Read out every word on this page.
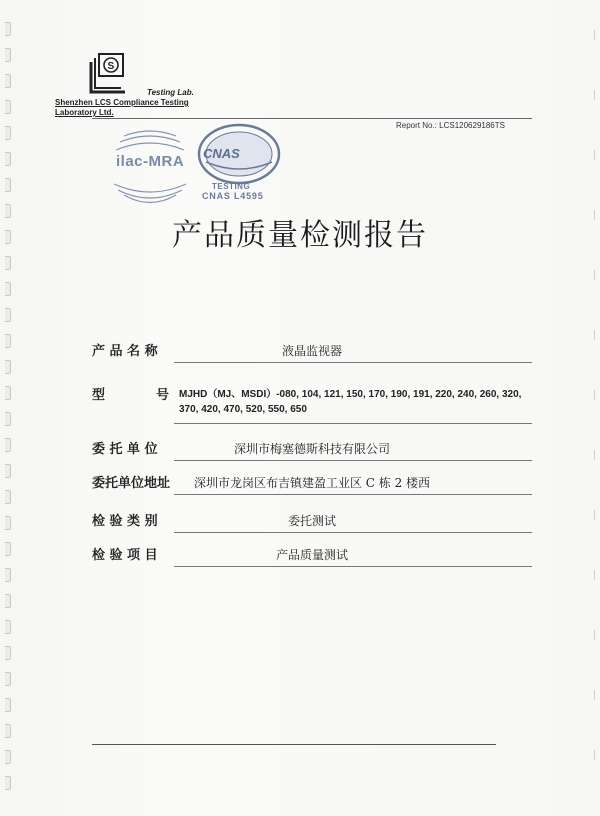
S
Testing Lab.
Shenzhen LCS Compliance Testing
Laboratory Ltd.
Report No.: LCS120629186TS
ilac-MRA CNAS
TESTING
CNAS L4595
产品质量检测报告
产 品 名 称	液晶监视器
型	号 MJHD（MJ、MSDI）-080, 104, 121, 150, 170, 190, 191, 220, 240, 260, 320, 370, 420, 470, 520, 550, 650
委 托 单 位	深圳市梅塞德斯科技有限公司
委托单位地址	深圳市龙岗区布吉镇建盈工业区 C 栋 2 楼西
检 验 类 别	委托测试
检 验 项 目	产品质量测试
